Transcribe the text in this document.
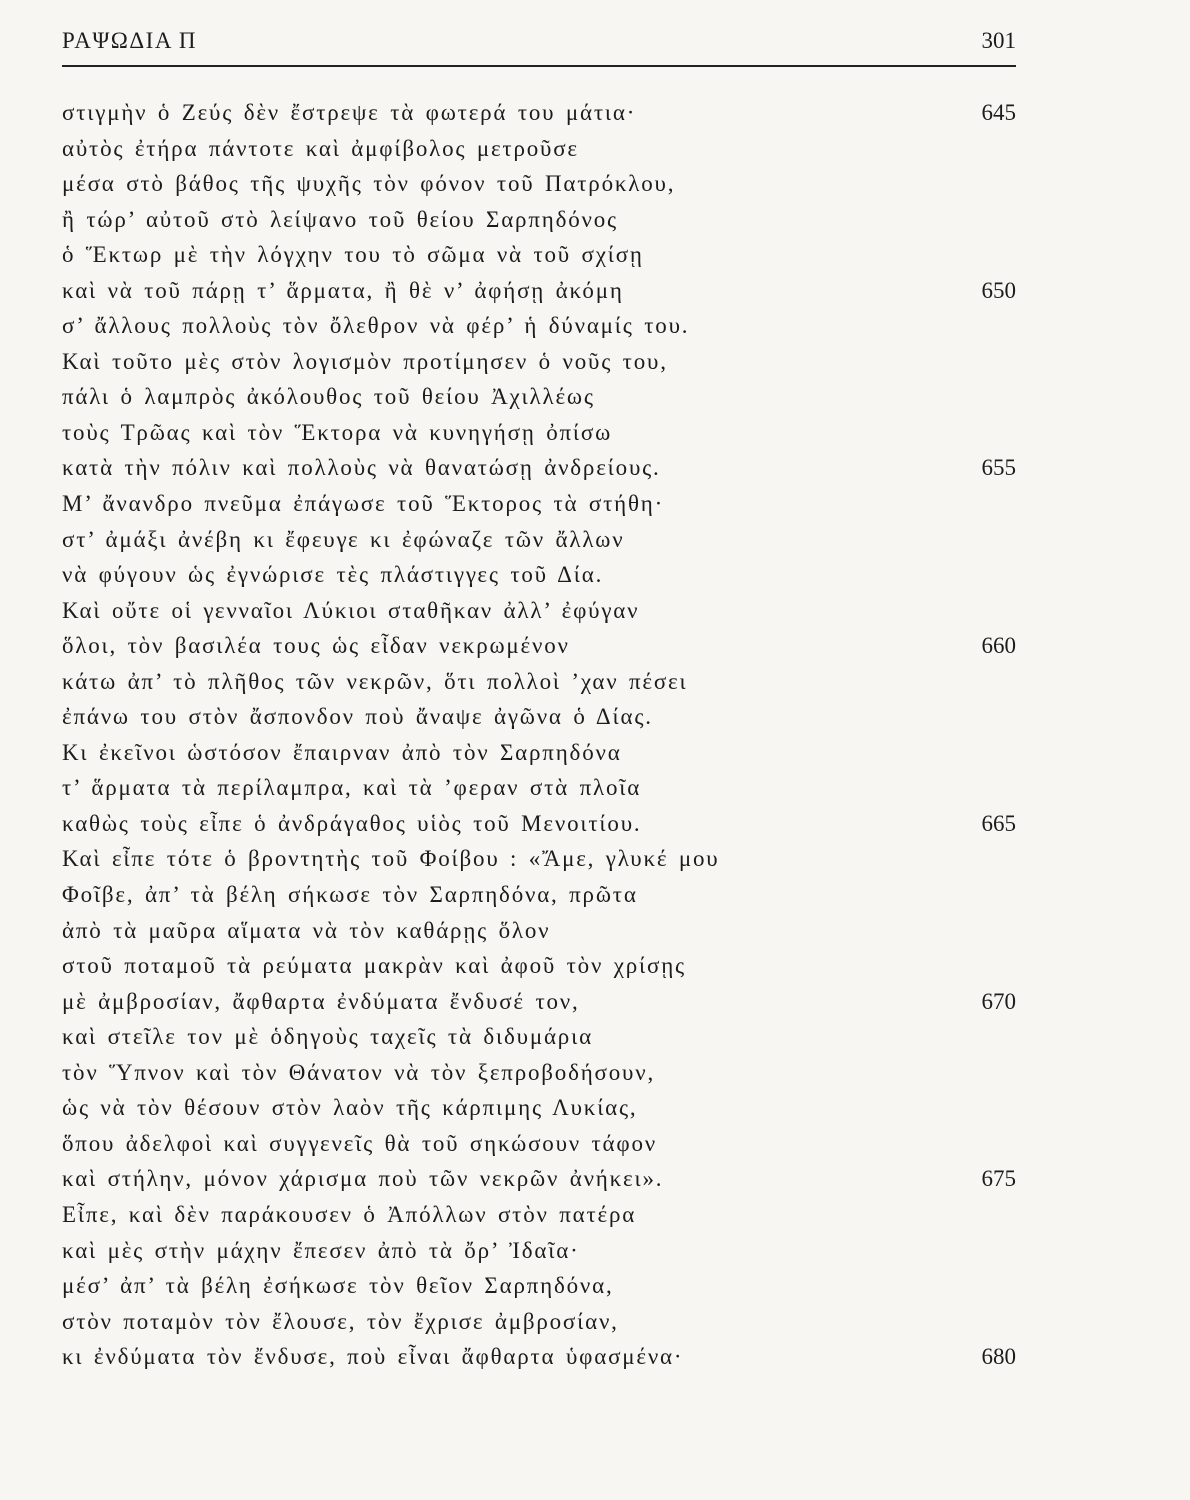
ΡΑΨΩΔΙΑ Π	301
στιγμὴν ὁ Ζεύς δὲν ἔστρεψε τὰ φωτερά του μάτια·	645
αὐτὸς ἐτήρα πάντοτε καὶ ἀμφίβολος μετροῦσε
μέσα στὸ βάθος τῆς ψυχῆς τὸν φόνον τοῦ Πατρόκλου,
ἢ τώρ’ αὐτοῦ στὸ λείψανο τοῦ θείου Σαρπηδόνος
ὁ Ἕκτωρ μὲ τὴν λόγχην του τὸ σῶμα νὰ τοῦ σχίσῃ
καὶ νὰ τοῦ πάρῃ τ’ ἅρματα, ἢ θὲ ν’ ἀφήσῃ ἀκόμη	650
σ’ ἄλλους πολλοὺς τὸν ὄλεθρον νὰ φέρ’ ἡ δύναμίς του.
Καὶ τοῦτο μὲς στὸν λογισμὸν προτίμησεν ὁ νοῦς του,
πάλι ὁ λαμπρὸς ἀκόλουθος τοῦ θείου Ἀχιλλέως
τοὺς Τρῶας καὶ τὸν Ἕκτορα νὰ κυνηγήσῃ ὀπίσω
κατὰ τὴν πόλιν καὶ πολλοὺς νὰ θανατώσῃ ἀνδρείους.	655
Μ’ ἄνανδρο πνεῦμα ἐπάγωσε τοῦ Ἕκτορος τὰ στήθη·
στ’ ἀμάξι ἀνέβη κι ἔφευγε κι ἐφώναζε τῶν ἄλλων
νὰ φύγουν ὡς ἐγνώρισε τὲς πλάστιγγες τοῦ Δία.
Καὶ οὔτε οἱ γενναῖοι Λύκιοι σταθῆκαν ἀλλ’ ἐφύγαν
ὅλοι, τὸν βασιλέα τους ὡς εἶδαν νεκρωμένον	660
κάτω ἀπ’ τὸ πλῆθος τῶν νεκρῶν, ὅτι πολλοὶ ’χαν πέσει
ἐπάνω του στὸν ἄσπονδον ποὺ ἄναψε ἀγῶνα ὁ Δίας.
Κι ἐκεῖνοι ὡστόσον ἔπαιρναν ἀπὸ τὸν Σαρπηδόνα
τ’ ἅρματα τὰ περίλαμπρα, καὶ τὰ ’φεραν στὰ πλοῖα
καθὼς τοὺς εἶπε ὁ ἀνδράγαθος υἱὸς τοῦ Μενοιτίου.	665
Καὶ εἶπε τότε ὁ βροντητὴς τοῦ Φοίβου : «Ἄμε, γλυκέ μου
Φοῖβε, ἀπ’ τὰ βέλη σήκωσε τὸν Σαρπηδόνα, πρῶτα
ἀπὸ τὰ μαῦρα αἵματα νὰ τὸν καθάρῃς ὅλον
στοῦ ποταμοῦ τὰ ρεύματα μακρὰν καὶ ἀφοῦ τὸν χρίσῃς
μὲ ἀμβροσίαν, ἄφθαρτα ἐνδύματα ἔνδυσέ τον,	670
καὶ στεῖλε τον μὲ ὁδηγοὺς ταχεῖς τὰ διδυμάρια
τὸν Ὕπνον καὶ τὸν Θάνατον νὰ τὸν ξεπροβοδήσουν,
ὡς νὰ τὸν θέσουν στὸν λαὸν τῆς κάρπιμης Λυκίας,
ὅπου ἀδελφοὶ καὶ συγγενεῖς θὰ τοῦ σηκώσουν τάφον
καὶ στήλην, μόνον χάρισμα ποὺ τῶν νεκρῶν ἀνήκει».	675
Εἶπε, καὶ δὲν παράκουσεν ὁ Ἀπόλλων στὸν πατέρα
καὶ μὲς στὴν μάχην ἔπεσεν ἀπὸ τὰ ὄρ’ Ἰδαῖα·
μέσ’ ἀπ’ τὰ βέλη ἐσήκωσε τὸν θεῖον Σαρπηδόνα,
στὸν ποταμὸν τὸν ἔλουσε, τὸν ἔχρισε ἀμβροσίαν,
κι ἐνδύματα τὸν ἔνδυσε, ποὺ εἶναι ἄφθαρτα ὑφασμένα·	680
